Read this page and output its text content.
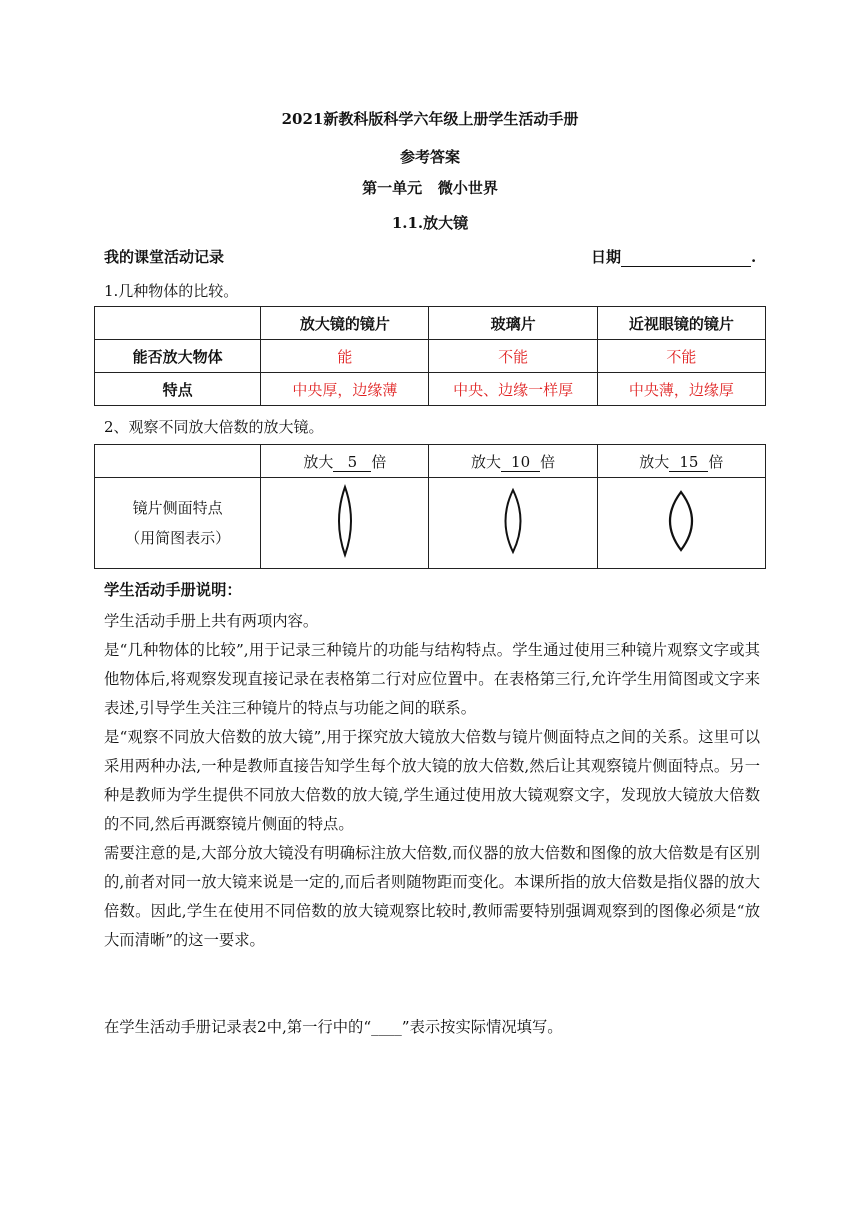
2021新教科版科学六年级上册学生活动手册
参考答案
第一单元   微小世界
1.1.放大镜
我的课堂活动记录	日期	.
1.几种物体的比较。
	放大镜的镜片	玻璃片	近视眼镜的镜片
能否放大物体	能	不能	不能
特点	中央厚，边缘薄	中央、边缘一样厚	中央薄，边缘厚
2、观察不同放大倍数的放大镜。
	放大 5 倍	放大 10 倍	放大 15 倍
镜片侧面特点
（用简图表示）			
学生活动手册说明：
学生活动手册上共有两项内容。
是“几种物体的比较”,用于记录三种镜片的功能与结构特点。学生通过使用三种镜片观察文字或其他物体后,将观察发现直接记录在表格第二行对应位置中。在表格第三行,允许学生用简图或文字来表述,引导学生关注三种镜片的特点与功能之间的联系。
是“观察不同放大倍数的放大镜”,用于探究放大镜放大倍数与镜片侧面特点之间的关系。这里可以采用两种办法,一种是教师直接告知学生每个放大镜的放大倍数,然后让其观察镜片侧面特点。另一种是教师为学生提供不同放大倍数的放大镜,学生通过使用放大镜观察文字，发现放大镜放大倍数的不同,然后再溉察镜片侧面的特点。
需要注意的是,大部分放大镜没有明确标注放大倍数,而仪器的放大倍数和图像的放大倍数是有区别的,前者对同一放大镜来说是一定的,而后者则随物距而变化。本课所指的放大倍数是指仪器的放大倍数。因此,学生在使用不同倍数的放大镜观察比较时,教师需要特别强调观察到的图像必须是“放大而清晰”的这一要求。
在学生活动手册记录表2中,第一行中的“____”表示按实际情况填写。
